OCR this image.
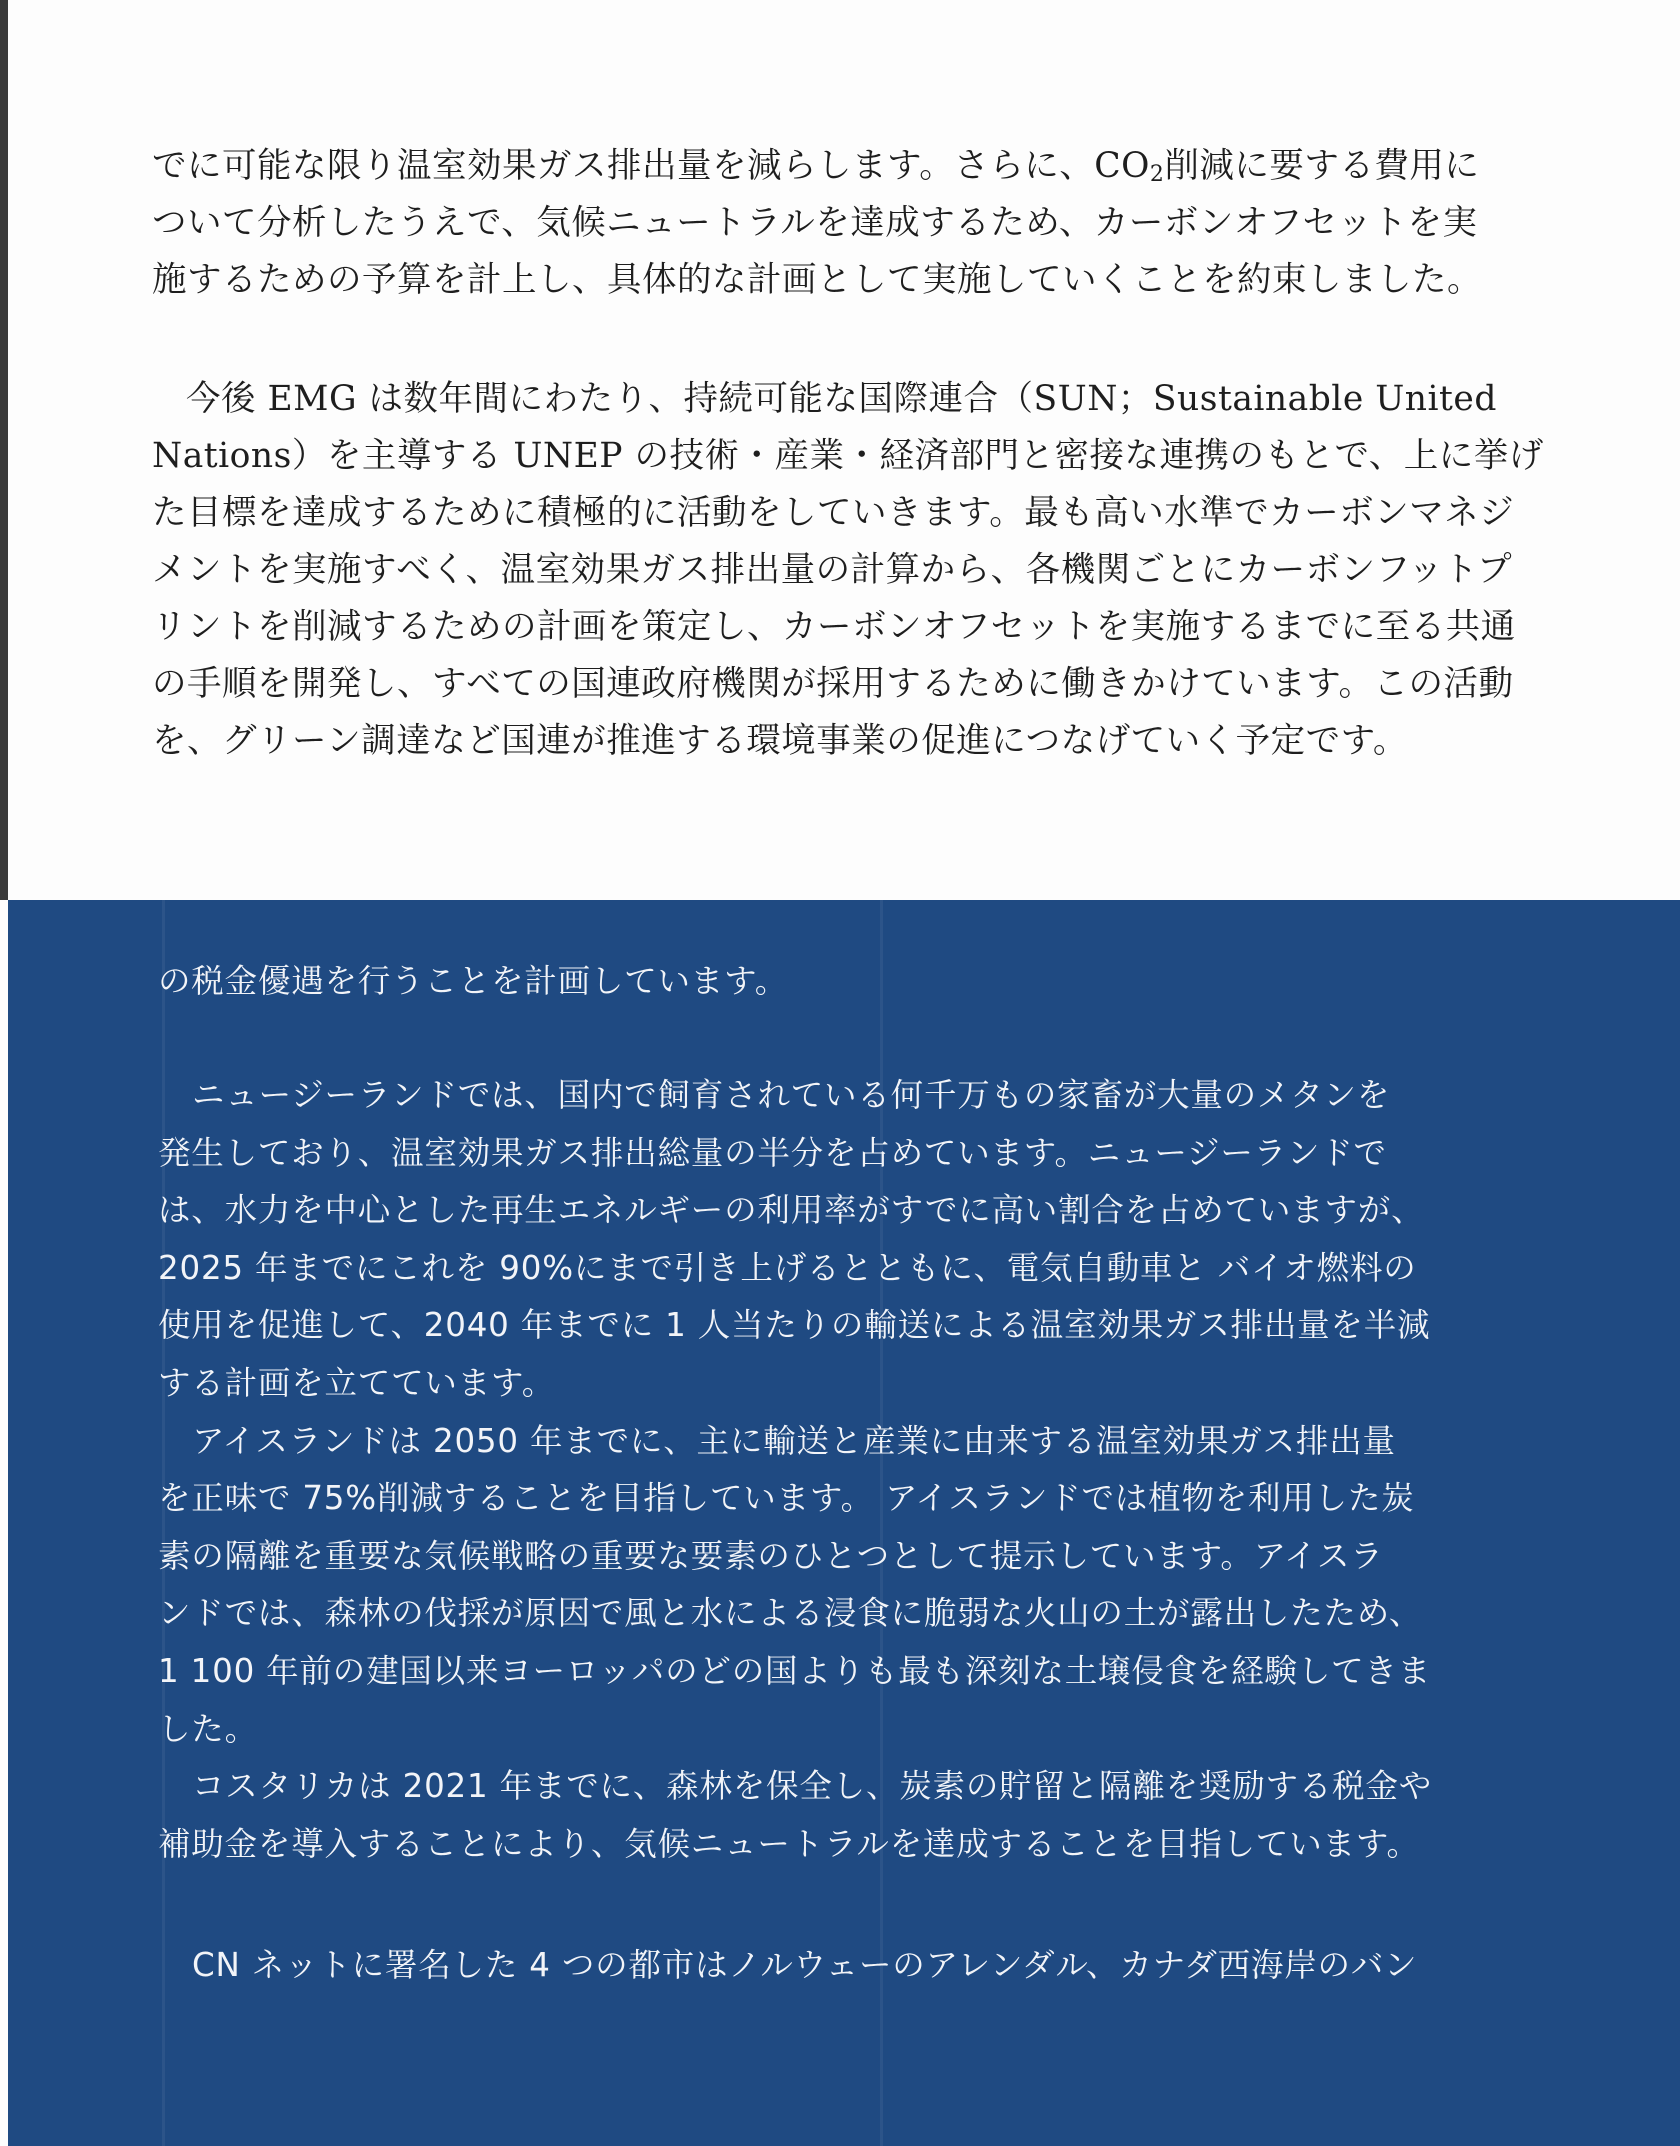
でに可能な限り温室効果ガス排出量を減らします。さらに、$CO_2$削減に要する費用に
ついて分析したうえで、気候ニュートラルを達成するため、カーボンオフセットを実
施するための予算を計上し、具体的な計画として実施していくことを約束しました。
今後 EMG は数年間にわたり、持続可能な国際連合（SUN；Sustainable United
Nations）を主導する UNEP の技術・産業・経済部門と密接な連携のもとで、上に挙げ
た目標を達成するために積極的に活動をしていきます。最も高い水準でカーボンマネジ
メントを実施すべく、温室効果ガス排出量の計算から、各機関ごとにカーボンフットプ
リントを削減するための計画を策定し、カーボンオフセットを実施するまでに至る共通
の手順を開発し、すべての国連政府機関が採用するために働きかけています。この活動
を、グリーン調達など国連が推進する環境事業の促進につなげていく予定です。
の税金優遇を行うことを計画しています。
ニュージーランドでは、国内で飼育されている何千万もの家畜が大量のメタンを
発生しており、温室効果ガス排出総量の半分を占めています。ニュージーランドで
は、水力を中心とした再生エネルギーの利用率がすでに高い割合を占めていますが、
2025 年までにこれを 90%にまで引き上げるとともに、電気自動車と バイオ燃料の
使用を促進して、2040 年までに 1 人当たりの輸送による温室効果ガス排出量を半減
する計画を立てています。
アイスランドは 2050 年までに、主に輸送と産業に由来する温室効果ガス排出量
を正味で 75%削減することを目指しています。 アイスランドでは植物を利用した炭
素の隔離を重要な気候戦略の重要な要素のひとつとして提示しています。アイスラ
ンドでは、森林の伐採が原因で風と水による浸食に脆弱な火山の土が露出したため、
1 100 年前の建国以来ヨーロッパのどの国よりも最も深刻な土壌侵食を経験してきま
した。
コスタリカは 2021 年までに、森林を保全し、炭素の貯留と隔離を奨励する税金や
補助金を導入することにより、気候ニュートラルを達成することを目指しています。
CN ネットに署名した 4 つの都市はノルウェーのアレンダル、カナダ西海岸のバン
